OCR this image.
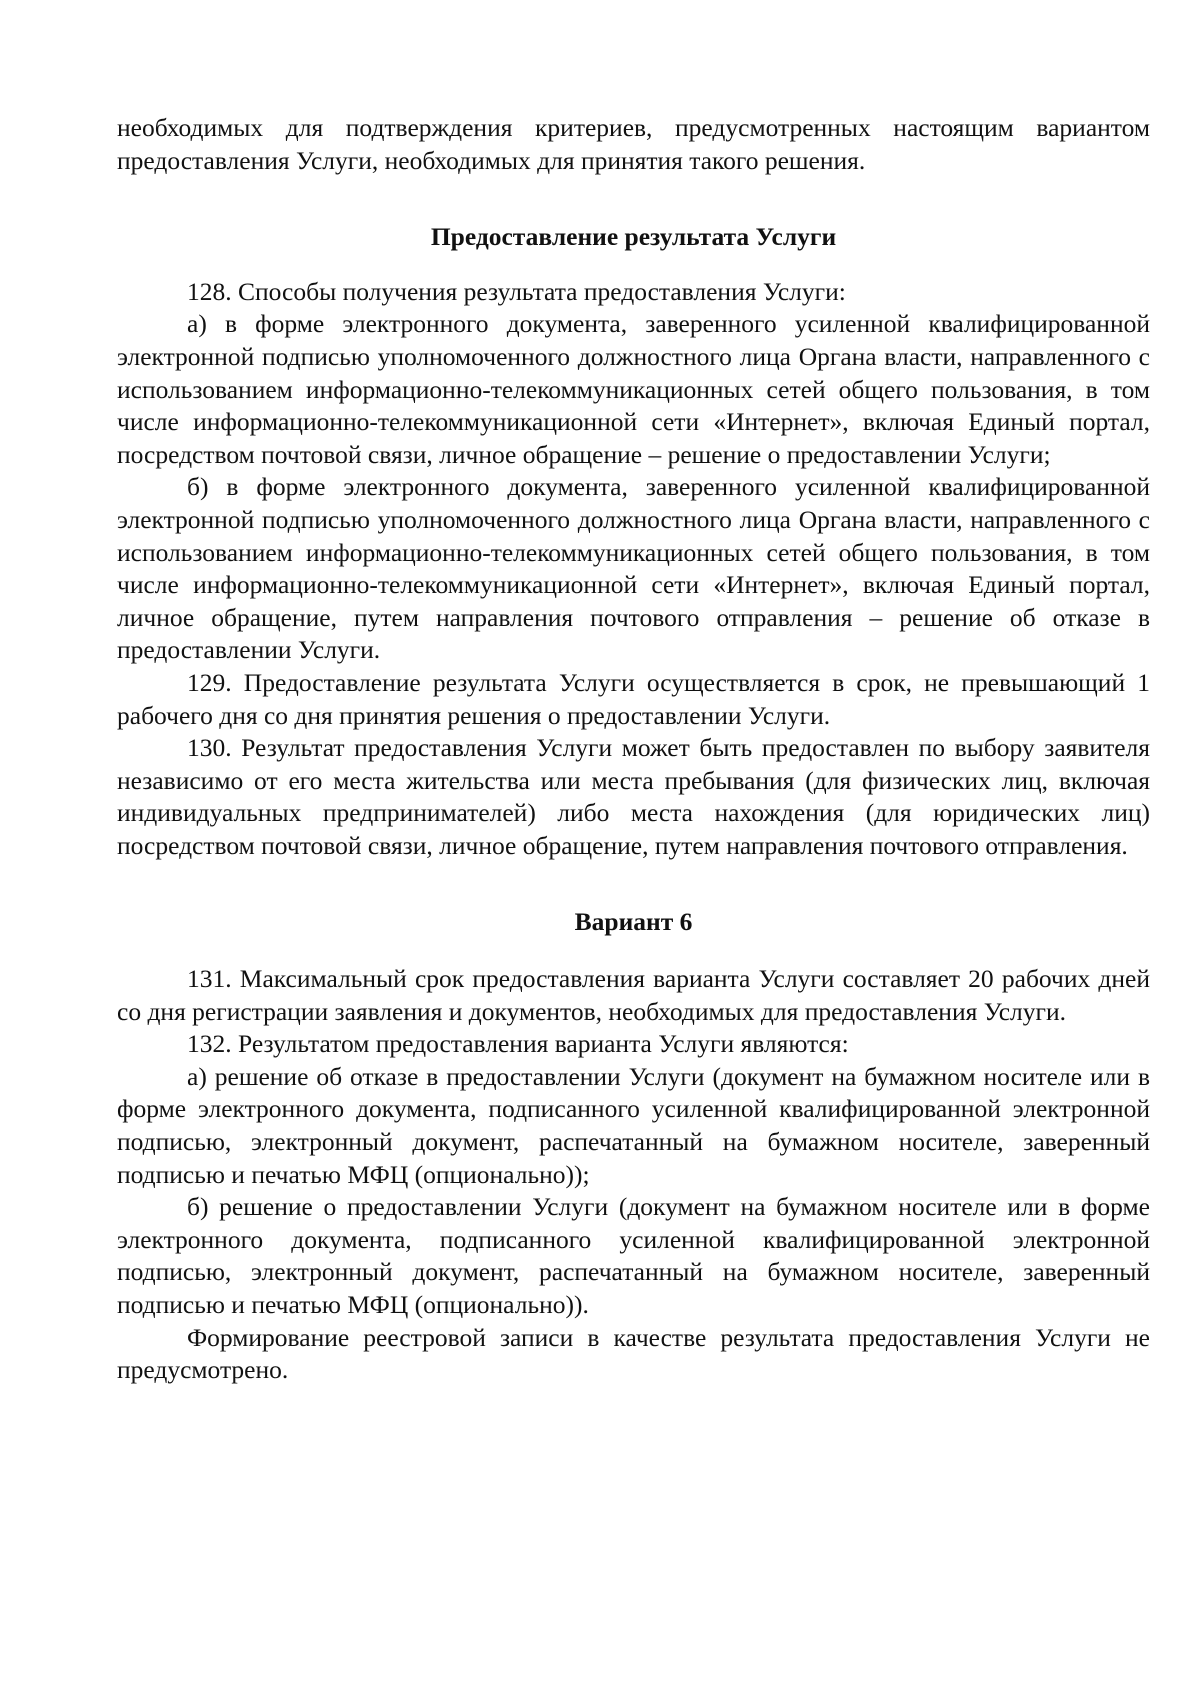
необходимых для подтверждения критериев, предусмотренных настоящим вариантом предоставления Услуги, необходимых для принятия такого решения.

Предоставление результата Услуги

128. Способы получения результата предоставления Услуги:

а) в форме электронного документа, заверенного усиленной квалифицированной электронной подписью уполномоченного должностного лица Органа власти, направленного с использованием информационно-телекоммуникационных сетей общего пользования, в том числе информационно-телекоммуникационной сети «Интернет», включая Единый портал, посредством почтовой связи, личное обращение – решение о предоставлении Услуги;

б) в форме электронного документа, заверенного усиленной квалифицированной электронной подписью уполномоченного должностного лица Органа власти, направленного с использованием информационно-телекоммуникационных сетей общего пользования, в том числе информационно-телекоммуникационной сети «Интернет», включая Единый портал, личное обращение, путем направления почтового отправления – решение об отказе в предоставлении Услуги.

129. Предоставление результата Услуги осуществляется в срок, не превышающий 1 рабочего дня со дня принятия решения о предоставлении Услуги.

130. Результат предоставления Услуги может быть предоставлен по выбору заявителя независимо от его места жительства или места пребывания (для физических лиц, включая индивидуальных предпринимателей) либо места нахождения (для юридических лиц) посредством почтовой связи, личное обращение, путем направления почтового отправления.

Вариант 6

131. Максимальный срок предоставления варианта Услуги составляет 20 рабочих дней со дня регистрации заявления и документов, необходимых для предоставления Услуги.

132. Результатом предоставления варианта Услуги являются:

а) решение об отказе в предоставлении Услуги (документ на бумажном носителе или в форме электронного документа, подписанного усиленной квалифицированной электронной подписью, электронный документ, распечатанный на бумажном носителе, заверенный подписью и печатью МФЦ (опционально));

б) решение о предоставлении Услуги (документ на бумажном носителе или в форме электронного документа, подписанного усиленной квалифицированной электронной подписью, электронный документ, распечатанный на бумажном носителе, заверенный подписью и печатью МФЦ (опционально)).

Формирование реестровой записи в качестве результата предоставления Услуги не предусмотрено.
